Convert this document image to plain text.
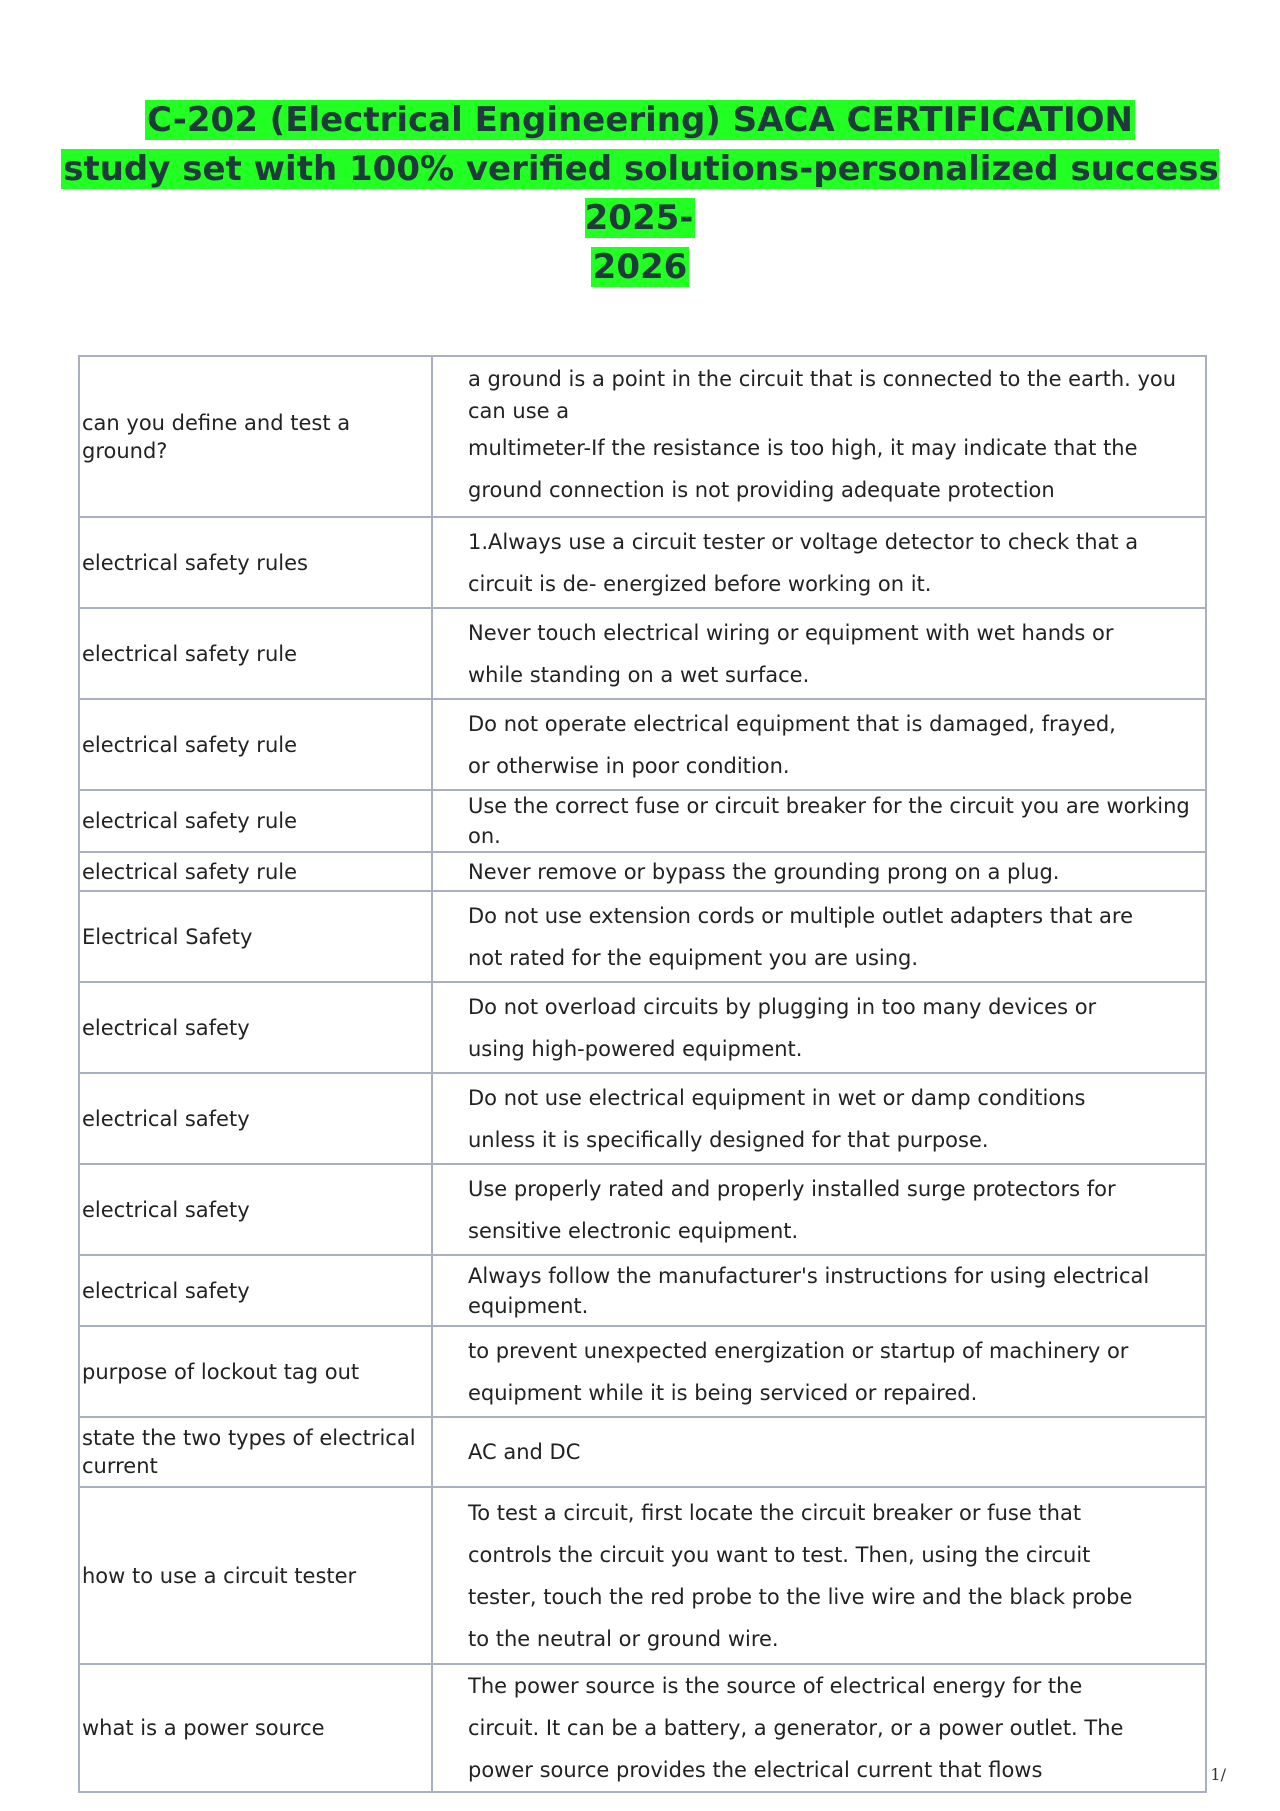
C-202 (Electrical Engineering) SACA CERTIFICATION
study set with 100% verified solutions-personalized success 2025-
2026
can you define and test a ground?	a ground is a point in the circuit that is connected to the earth. you can use a
multimeter-If the resistance is too high, it may indicate that the
ground connection is not providing adequate protection

electrical safety rules	1.Always use a circuit tester or voltage detector to check that a
circuit is de- energized before working on it.

electrical safety rule	Never touch electrical wiring or equipment with wet hands or
while standing on a wet surface.

electrical safety rule	Do not operate electrical equipment that is damaged, frayed,
or otherwise in poor condition.

electrical safety rule	Use the correct fuse or circuit breaker for the circuit you are working on.

electrical safety rule	Never remove or bypass the grounding prong on a plug.

Electrical Safety	Do not use extension cords or multiple outlet adapters that are
not rated for the equipment you are using.

electrical safety	Do not overload circuits by plugging in too many devices or
using high-powered equipment.

electrical safety	Do not use electrical equipment in wet or damp conditions
unless it is specifically designed for that purpose.

electrical safety	Use properly rated and properly installed surge protectors for
sensitive electronic equipment.

electrical safety	Always follow the manufacturer's instructions for using electrical equipment.

purpose of lockout tag out	to prevent unexpected energization or startup of machinery or
equipment while it is being serviced or repaired.

state the two types of electrical current	AC and DC

how to use a circuit tester	To test a circuit, first locate the circuit breaker or fuse that
controls the circuit you want to test. Then, using the circuit
tester, touch the red probe to the live wire and the black probe
to the neutral or ground wire.

what is a power source	The power source is the source of electrical energy for the
circuit. It can be a battery, a generator, or a power outlet. The
power source provides the electrical current that flows	1/
